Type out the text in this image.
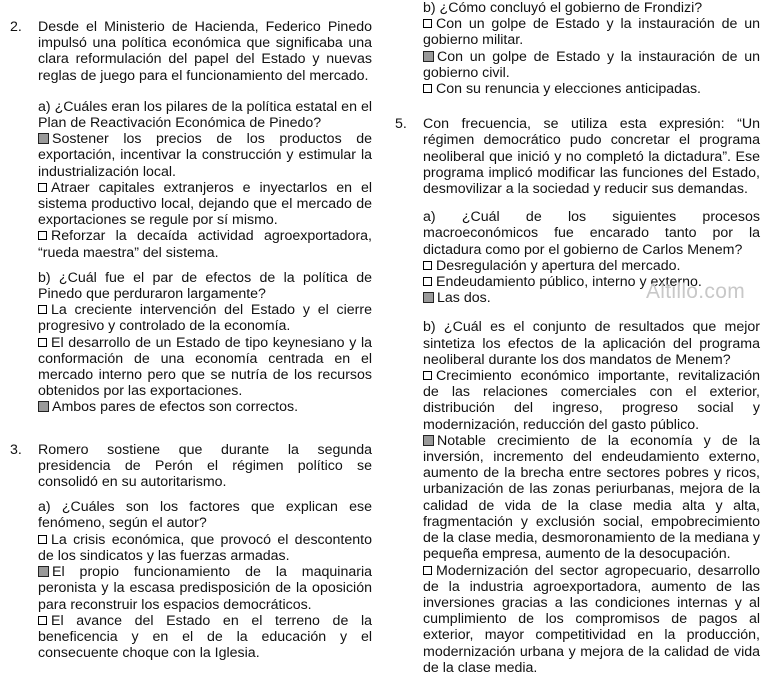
2. Desde el Ministerio de Hacienda, Federico Pinedo impulsó una política económica que significaba una clara reformulación del papel del Estado y nuevas reglas de juego para el funcionamiento del mercado.
a) ¿Cuáles eran los pilares de la política estatal en el Plan de Reactivación Económica de Pinedo?
Sostener los precios de los productos de exportación, incentivar la construcción y estimular la industrialización local.
Atraer capitales extranjeros e inyectarlos en el sistema productivo local, dejando que el mercado de exportaciones se regule por sí mismo.
Reforzar la decaída actividad agroexportadora, “rueda maestra” del sistema.
b) ¿Cuál fue el par de efectos de la política de Pinedo que perduraron largamente?
La creciente intervención del Estado y el cierre progresivo y controlado de la economía.
El desarrollo de un Estado de tipo keynesiano y la conformación de una economía centrada en el mercado interno pero que se nutría de los recursos obtenidos por las exportaciones.
Ambos pares de efectos son correctos.
3. Romero sostiene que durante la segunda presidencia de Perón el régimen político se consolidó en su autoritarismo.
a) ¿Cuáles son los factores que explican ese fenómeno, según el autor?
La crisis económica, que provocó el descontento de los sindicatos y las fuerzas armadas.
El propio funcionamiento de la maquinaria peronista y la escasa predisposición de la oposición para reconstruir los espacios democráticos.
El avance del Estado en el terreno de la beneficencia y en el de la educación y el consecuente choque con la Iglesia.
b) ¿Cómo concluyó el gobierno de Frondizi?
Con un golpe de Estado y la instauración de un gobierno militar.
Con un golpe de Estado y la instauración de un gobierno civil.
Con su renuncia y elecciones anticipadas.
5. Con frecuencia, se utiliza esta expresión: “Un régimen democrático pudo concretar el programa neoliberal que inició y no completó la dictadura”. Ese programa implicó modificar las funciones del Estado, desmovilizar a la sociedad y reducir sus demandas.
a) ¿Cuál de los siguientes procesos macroeconómicos fue encarado tanto por la dictadura como por el gobierno de Carlos Menem?
Desregulación y apertura del mercado.
Endeudamiento público, interno y externo.
Las dos.
b) ¿Cuál es el conjunto de resultados que mejor sintetiza los efectos de la aplicación del programa neoliberal durante los dos mandatos de Menem?
Crecimiento económico importante, revitalización de las relaciones comerciales con el exterior, distribución del ingreso, progreso social y modernización, reducción del gasto público.
Notable crecimiento de la economía y de la inversión, incremento del endeudamiento externo, aumento de la brecha entre sectores pobres y ricos, urbanización de las zonas periurbanas, mejora de la calidad de vida de la clase media alta y alta, fragmentación y exclusión social, empobrecimiento de la clase media, desmoronamiento de la mediana y pequeña empresa, aumento de la desocupación.
Modernización del sector agropecuario, desarrollo de la industria agroexportadora, aumento de las inversiones gracias a las condiciones internas y al cumplimiento de los compromisos de pagos al exterior, mayor competitividad en la producción, modernización urbana y mejora de la calidad de vida de la clase media.
Altillo.com
